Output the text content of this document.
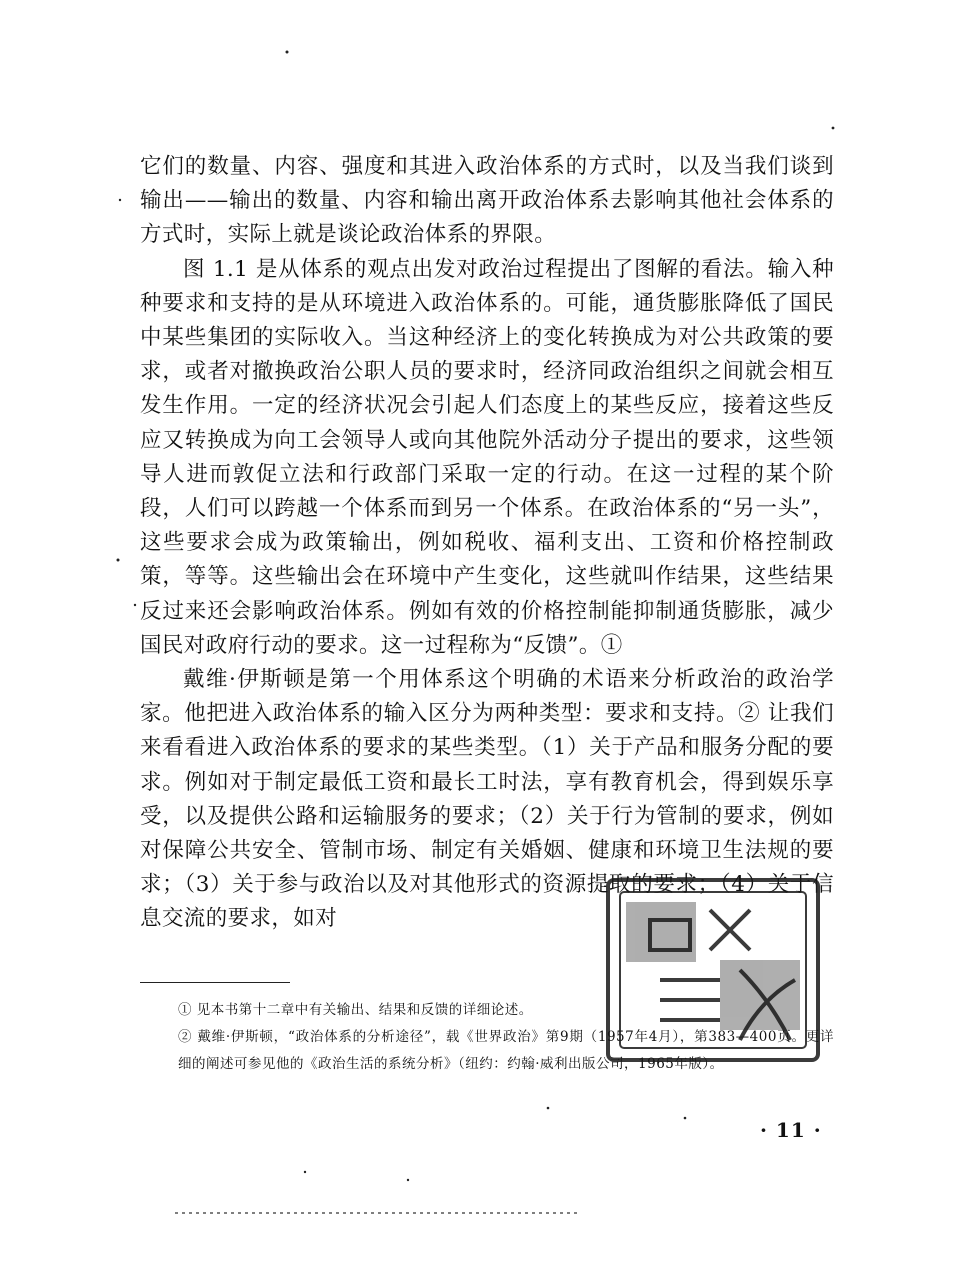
它们的数量、内容、强度和其进入政治体系的方式时，以及当我们谈到输出——输出的数量、内容和输出离开政治体系去影响其他社会体系的方式时，实际上就是谈论政治体系的界限。

图 1.1 是从体系的观点出发对政治过程提出了图解的看法。输入种种要求和支持的是从环境进入政治体系的。可能，通货膨胀降低了国民中某些集团的实际收入。当这种经济上的变化转换成为对公共政策的要求，或者对撤换政治公职人员的要求时，经济同政治组织之间就会相互发生作用。一定的经济状况会引起人们态度上的某些反应，接着这些反应又转换成为向工会领导人或向其他院外活动分子提出的要求，这些领导人进而敦促立法和行政部门采取一定的行动。在这一过程的某个阶段，人们可以跨越一个体系而到另一个体系。在政治体系的“另一头”，这些要求会成为政策输出，例如税收、福利支出、工资和价格控制政策，等等。这些输出会在环境中产生变化，这些就叫作结果，这些结果反过来还会影响政治体系。例如有效的价格控制能抑制通货膨胀，减少国民对政府行动的要求。这一过程称为“反馈”。①

戴维·伊斯顿是第一个用体系这个明确的术语来分析政治的政治学家。他把进入政治体系的输入区分为两种类型：要求和支持。② 让我们来看看进入政治体系的要求的某些类型。（1）关于产品和服务分配的要求。例如对于制定最低工资和最长工时法，享有教育机会，得到娱乐享受，以及提供公路和运输服务的要求；（2）关于行为管制的要求，例如对保障公共安全、管制市场、制定有关婚姻、健康和环境卫生法规的要求；（3）关于参与政治以及对其他形式的资源提取的要求；（4）关于信息交流的要求，如对

① 见本书第十二章中有关输出、结果和反馈的详细论述。

② 戴维·伊斯顿，“政治体系的分析途径”，载《世界政治》第9期（1957年4月），第383—400页。更详细的阐述可参见他的《政治生活的系统分析》（纽约：约翰·威利出版公司，1965年版）。

· 11 ·
